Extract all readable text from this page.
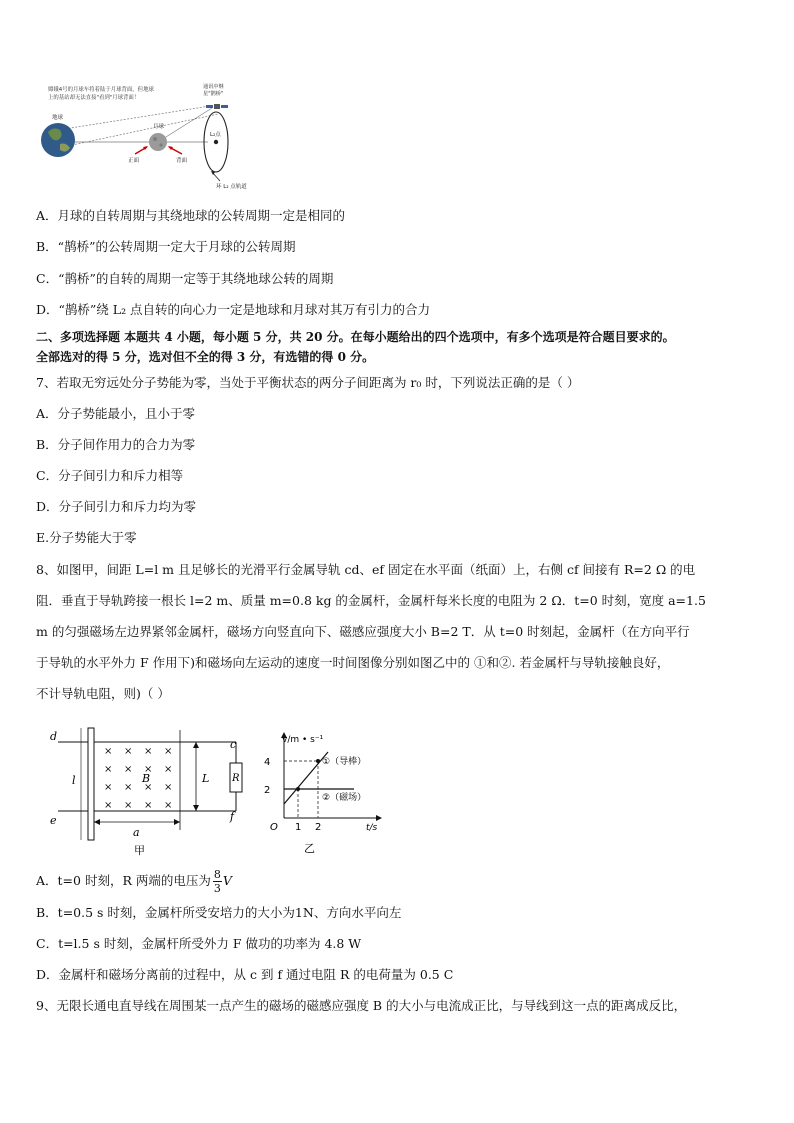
嫦娥4号的月球车将着陆于月球背面，但地球
上的基站却无法直接"看到"月球背面！
地球
月球
正面	背面
L₂点
通讯中继
星"鹊桥"
环 L₂ 点轨道
A．月球的自转周期与其绕地球的公转周期一定是相同的
B．“鹊桥”的公转周期一定大于月球的公转周期
C．“鹊桥”的自转的周期一定等于其绕地球公转的周期
D．“鹊桥”绕 L₂ 点自转的向心力一定是地球和月球对其万有引力的合力
二、多项选择题 本题共 4 小题，每小题 5 分，共 20 分。在每小题给出的四个选项中，有多个选项是符合题目要求的。
全部选对的得 5 分，选对但不全的得 3 分，有选错的得 0 分。
7、若取无穷远处分子势能为零，当处于平衡状态的两分子间距离为 r₀ 时，下列说法正确的是（ ）
A．分子势能最小，且小于零
B．分子间作用力的合力为零
C．分子间引力和斥力相等
D．分子间引力和斥力均为零
E.分子势能大于零
8、如图甲，间距 L=l m 且足够长的光滑平行金属导轨 cd、ef 固定在水平面（纸面）上，右侧 cf 间接有 R=2 Ω 的电
阻．垂直于导轨跨接一根长 l=2 m、质量 m=0.8 kg 的金属杆，金属杆每米长度的电阻为 2 Ω．t=0 时刻，宽度 a=1.5
m 的匀强磁场左边界紧邻金属杆，磁场方向竖直向下、磁感应强度大小 B=2 T．从 t=0 时刻起，金属杆（在方向平行
于导轨的水平外力 F 作用下)和磁场向左运动的速度一时间图像分别如图乙中的 ①和②. 若金属杆与导轨接触良好，
不计导轨电阻，则)（ ）
× × × ×
× × × ×
× × × ×
× × × ×
d
e
c
f
l	B	L R
a
甲
v/m • s⁻¹
t/s
O
4
2
1 2
①（导棒）
②（磁场）
乙
A．t=0 时刻，R 两端的电压为 $\frac{8}{3}$ V
B．t=0.5 s 时刻，金属杆所受安培力的大小为1N、方向水平向左
C．t=l.5 s 时刻，金属杆所受外力 F 做功的功率为 4.8 W
D．金属杆和磁场分离前的过程中，从 c 到 f 通过电阻 R 的电荷量为 0.5 C
9、无限长通电直导线在周围某一点产生的磁场的磁感应强度 B 的大小与电流成正比，与导线到这一点的距离成反比，
